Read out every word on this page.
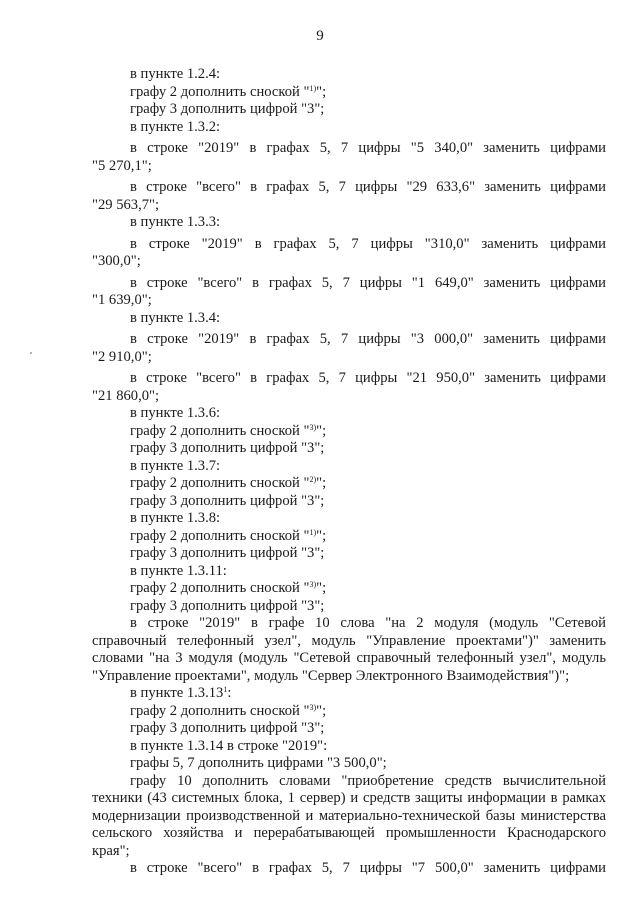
9

в пункте 1.2.4:

графу 2 дополнить сноской "$^{1)}$";

графу 3 дополнить цифрой "3";

в пункте 1.3.2:

в строке "2019" в графах 5, 7 цифры "5 340,0" заменить цифрами

"5 270,1";

в строке "всего" в графах 5, 7 цифры "29 633,6" заменить цифрами

"29 563,7";

в пункте 1.3.3:

в строке "2019" в графах 5, 7 цифры "310,0" заменить цифрами

"300,0";

в строке "всего" в графах 5, 7 цифры "1 649,0" заменить цифрами

"1 639,0";

в пункте 1.3.4:

в строке "2019" в графах 5, 7 цифры "3 000,0" заменить цифрами

"2 910,0";

в строке "всего" в графах 5, 7 цифры "21 950,0" заменить цифрами

"21 860,0";

в пункте 1.3.6:

графу 2 дополнить сноской "$^{3)}$";

графу 3 дополнить цифрой "3";

в пункте 1.3.7:

графу 2 дополнить сноской "$^{2)}$";

графу 3 дополнить цифрой "3";

в пункте 1.3.8:

графу 2 дополнить сноской "$^{1)}$";

графу 3 дополнить цифрой "3";

в пункте 1.3.11:

графу 2 дополнить сноской "$^{3)}$";

графу 3 дополнить цифрой "3";

в строке "2019" в графе 10 слова "на 2 модуля (модуль "Сетевой справочный телефонный узел", модуль "Управление проектами")" заменить словами "на 3 модуля (модуль "Сетевой справочный телефонный узел", модуль "Управление проектами", модуль "Сервер Электронного Взаимодействия")";

в пункте 1.3.13$^1$:

графу 2 дополнить сноской "$^{3)}$";

графу 3 дополнить цифрой "3";

в пункте 1.3.14 в строке "2019":

графы 5, 7 дополнить цифрами "3 500,0";

графу 10 дополнить словами "приобретение средств вычислительной техники (43 системных блока, 1 сервер) и средств защиты информации в рамках модернизации производственной и материально-технической базы министерства сельского хозяйства и перерабатывающей промышленности Краснодарского края";

в строке "всего" в графах 5, 7 цифры "7 500,0" заменить цифрами
